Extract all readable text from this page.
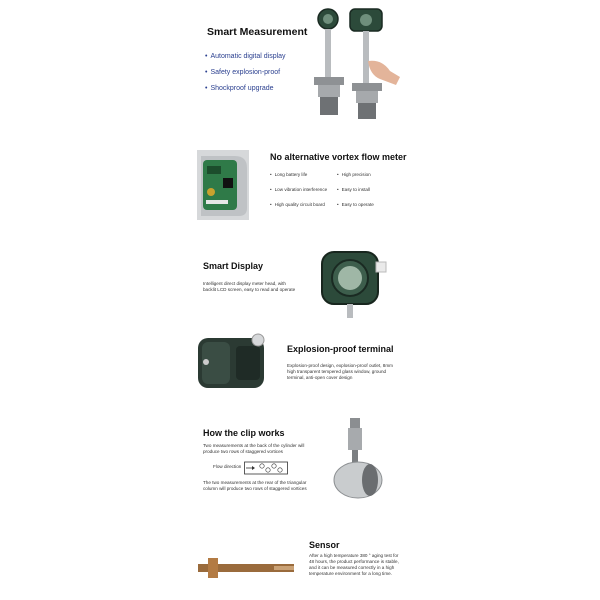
Smart Measurement
• Automatic digital display
• Safety explosion-proof
• Shockproof upgrade
No alternative vortex flow meter
• Long battery life
• Low vibration interference
• High quality circuit board
• High precision
• Easy to install
• Easy to operate
Smart Display
Intelligent direct display meter head, with backlit LCD screen, easy to read and operate
Explosion-proof terminal
Explosion-proof design, explosion-proof outlet, 8mm high transparent tempered glass window, ground terminal, anti-open cover design
How the clip works
Two measurements at the back of the cylinder will produce two rows of staggered vortices
Flow direction
The two measurements at the rear of the triangular column will produce two rows of staggered vortices
Sensor
After a high temperature 380 ° aging test for 48 hours, the product performance is stable, and it can be measured correctly in a high temperature environment for a long time.
